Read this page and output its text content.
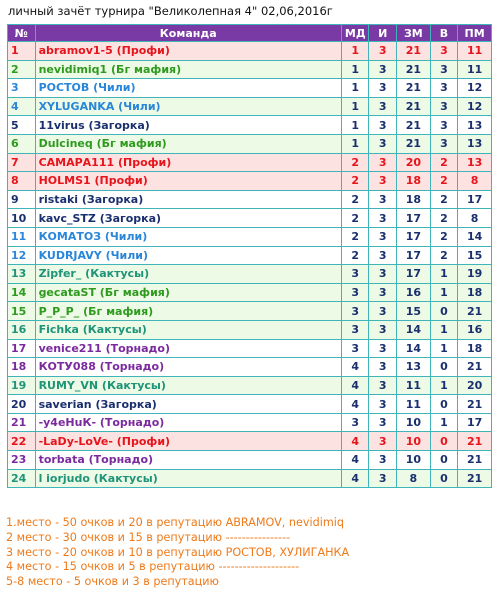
личный зачёт турнира "Великолепная 4" 02,06,2016г
№	Команда	МД	И	ЗМ	В	ПМ
1	abramov1-5 (Профи)	1	3	21	3	11
2	nevidimiq1 (Бг мафия)	1	3	21	3	11
3	РОСТОВ (Чили)	1	3	21	3	12
4	XYLUGANKA (Чили)	1	3	21	3	12
5	11virus (Загорка)	1	3	21	3	13
6	Dulcineq (Бг мафия)	1	3	21	3	13
7	САМАРА111 (Профи)	2	3	20	2	13
8	HOLMS1 (Профи)	2	3	18	2	8
9	ristaki (Загорка)	2	3	18	2	17
10	kavc_STZ (Загорка)	2	3	17	2	8
11	КОМАТОЗ (Чили)	2	3	17	2	14
12	KUDRJAVY (Чили)	2	3	17	2	15
13	Zipfer_ (Кактусы)	3	3	17	1	19
14	gecataST (Бг мафия)	3	3	16	1	18
15	P_P_P_ (Бг мафия)	3	3	15	0	21
16	Fichka (Кактусы)	3	3	14	1	16
17	venice211 (Торнадо)	3	3	14	1	18
18	КОТУ088 (Торнадо)	4	3	13	0	21
19	RUMY_VN (Кактусы)	4	3	11	1	20
20	saverian (Загорка)	4	3	11	0	21
21	-у4еНuК- (Торнадо)	3	3	10	1	17
22	-LaDy-LoVe- (Профи)	4	3	10	0	21
23	torbata (Торнадо)	4	3	10	0	21
24	l iorjudo (Кактусы)	4	3	8	0	21
1.место - 50 очков и 20 в репутацию ABRAMOV, nevidimiq
2 место - 30 очков и 15 в репутацию ----------------
3 место - 20 очков и 10 в репутацию РОСТОВ, ХУЛИГАНКА
4 место - 15 очков и 5 в репутацию --------------------
5-8 место - 5 очков и 3 в репутацию
